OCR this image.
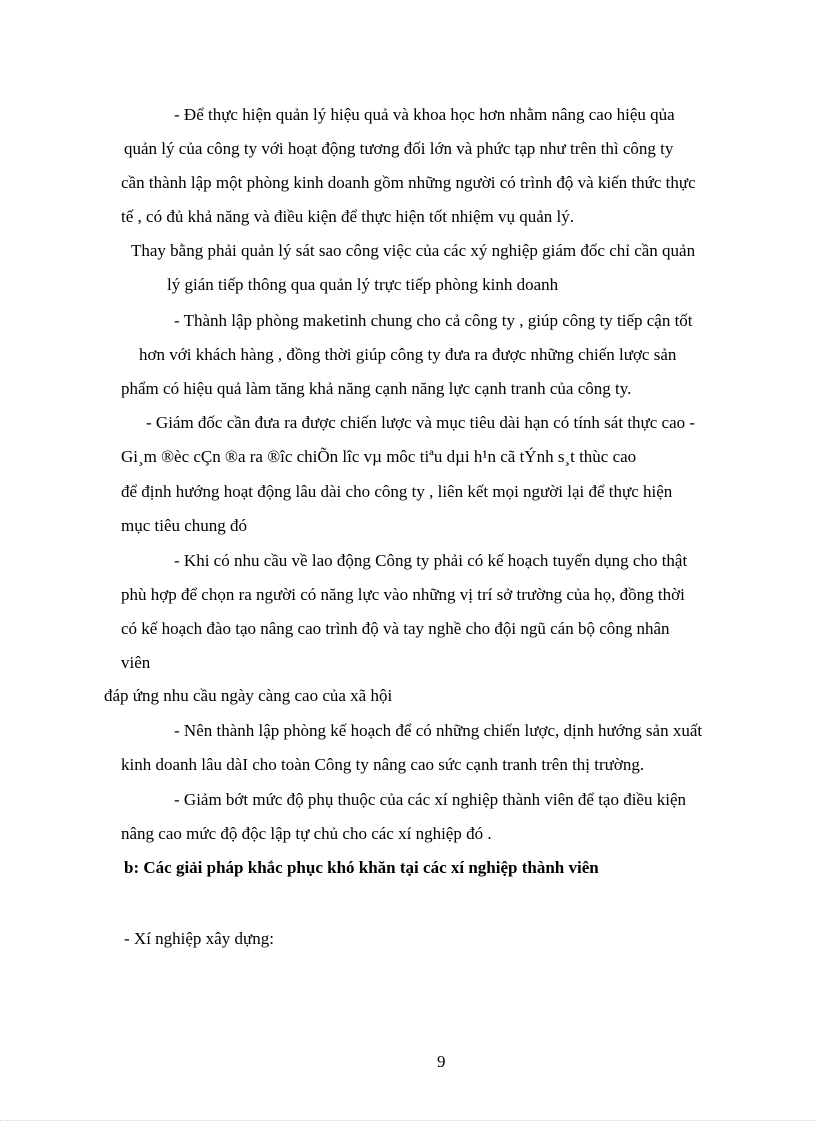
- Để thực hiện quản lý hiệu quả và khoa học hơn nhằm nâng cao hiệu qủa
quản lý của công ty với hoạt động tương đối lớn và phức tạp như trên thì công ty
cần thành lập một phòng kinh doanh gồm những người có trình độ và kiến thức thực
tế , có đủ khả năng và điều kiện để thực hiện tốt nhiệm vụ quản lý.
Thay bằng phải quản lý sát sao công việc của các xý nghiệp giám đốc chỉ cần quản
lý gián tiếp thông qua quản lý trực tiếp phòng kinh doanh
- Thành lập phòng maketinh chung cho cả công ty , giúp công ty tiếp cận tốt
hơn với khách hàng , đồng thời giúp công ty đưa ra được những chiến lược sản
phẩm có hiệu quả làm tăng khả năng cạnh năng lực cạnh tranh của công ty.
- Giám đốc cần đưa ra được chiến lược và mục tiêu dài hạn có tính sát thực cao -
Gi¸m ®èc cÇn ®a ra ®îc chiÕn lîc vµ môc tiªu dµi h¹n cã tÝnh s¸t thùc cao
để định hướng hoạt động lâu dài cho công ty , liên kết mọi người lại để thực hiện
mục tiêu chung đó
- Khi có nhu cầu về lao động Công ty phải có kế hoạch tuyển dụng cho thật
phù hợp để chọn ra người có năng lực vào những vị trí sở trường của họ, đồng thời
có kế hoạch đào tạo nâng cao trình độ và tay nghề cho đội ngũ cán bộ công nhân
viên
đáp ứng nhu cầu ngày càng cao của xã hội
- Nên thành lập phòng kế hoạch để có những chiến lược, dịnh hướng sản xuất
kinh doanh lâu dàI cho toàn Công ty nâng cao sức cạnh tranh trên thị trường.
- Giảm bớt mức độ phụ thuộc của các xí nghiệp thành viên để tạo điều kiện
nâng cao mức độ độc lập tự chủ cho các xí nghiệp đó .
b: Các giải pháp khắc phục khó khăn tại các xí nghiệp thành viên
- Xí nghiệp xây dựng:
9
